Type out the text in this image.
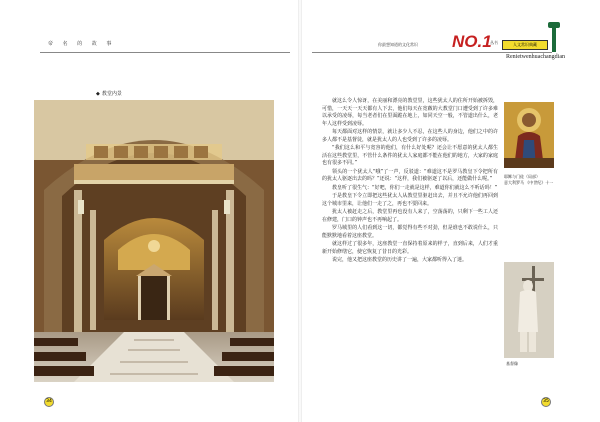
帝 名 的 故 事
◆ 教堂内景
34
你最想知道的文化常识 NO.1
丛书	人文常识典藏
Renietwenhuachangdian

就这么令人惊讶，在美丽和漂亮的教堂里，这些犹太人的住所开始被拆毁，可惜，一天天一天天都有人下去，他们每天在宽敞的大教堂门口遭受到了许多难以承受的凌辱，每当老者们在里面跪在地上，如同天空一般，不管道出什么，老年人这样受到凌辱。

每天都面对这样的情景，就让多少人不忍，在这些人的身边，他们之中的许多人都不是基督徒，就是犹太人的人也受到了许多的凌辱。

“我们这么和平与宽容的他们，有什么好处呢？还会让不愿意的犹太人都生活在这些教堂里，不管什么条件的犹太人家庭都不能在他们的地方，大家的家庭也有很多不同。”

领头的一个犹太人“哦”了一声，反驳道：“难道这不是罗马教皇下令把所有的犹太人驱逐出去的吗？”还说：“这样，我们被驱逐了以后，还能做什么呢。”

教皇听了很生气：“好吧，你们一走就是这样，难道你们就这么不听话吗！”

于是教皇下令立即把这些犹太人从教堂里驱赶出去，并且不允许他们再回到这个城市里来，让他们一走了之，再也不要回来。

犹太人被赶走之后，教堂里再也没有人来了，空荡荡的，只剩下一些工人还在修建，门口的钟声也不再响起了。

罗马城里的人们看到这一切，都觉得有些不对劲，但是谁也不敢说什么，只能默默地看着这座教堂。

就这样过了很多年，这座教堂一直保持着原来的样子，直到后来，人们才重新开始修缮它，使它恢复了昔日的光彩。

说完，他又把这座教堂的历史讲了一遍，大家都听得入了迷。

耶稣与门徒（局部）
意大利罗马 《中世纪》十一
基督像
35
